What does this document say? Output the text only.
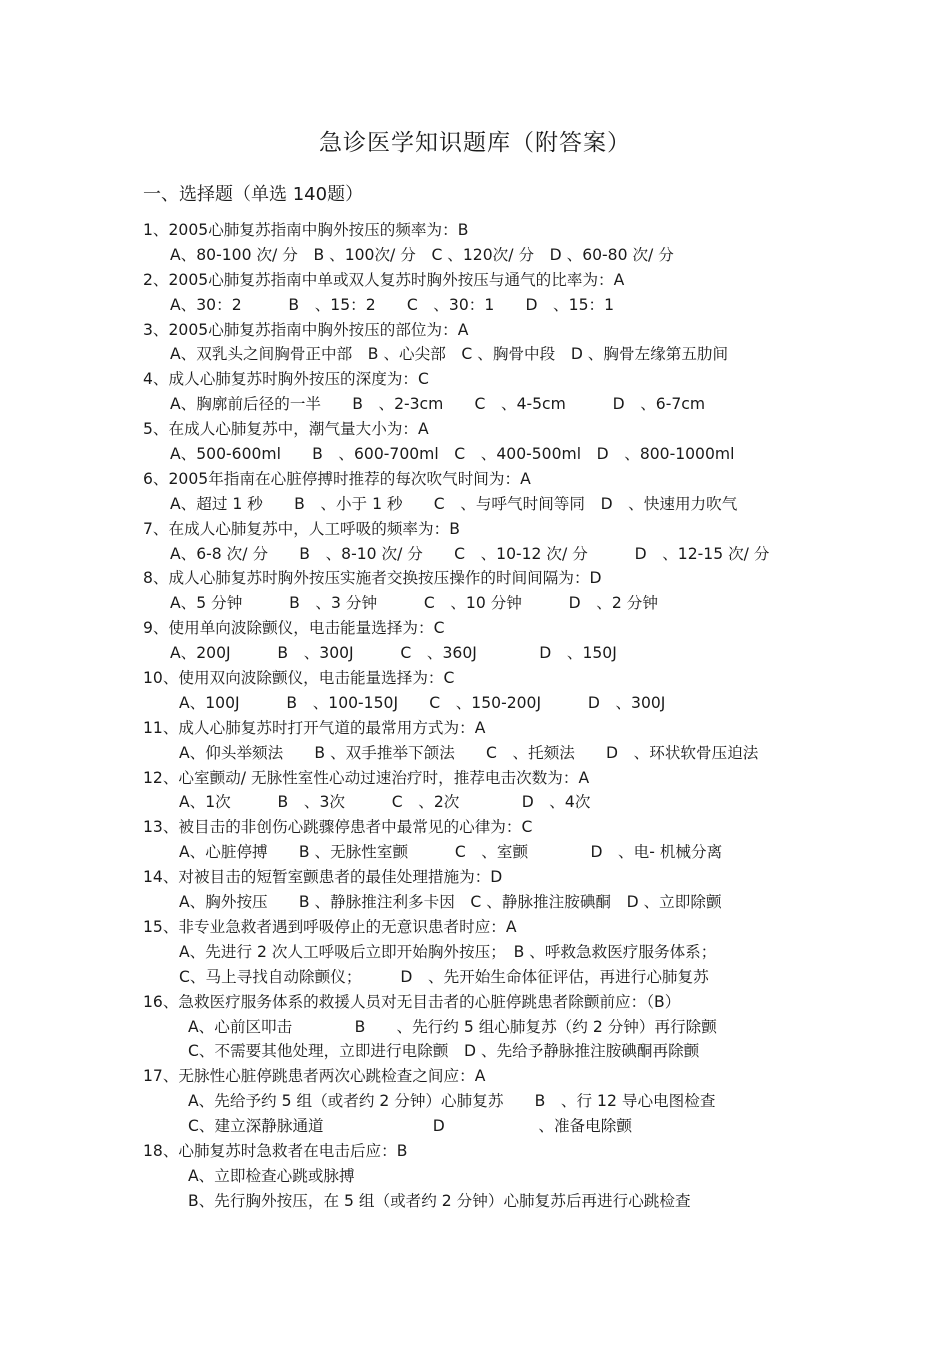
急诊医学知识题库（附答案）
一、选择题（单选 140题）
1、2005心肺复苏指南中胸外按压的频率为：B
A、80-100 次/ 分　B 、100次/ 分　C 、120次/ 分　D 、60-80 次/ 分
2、2005心肺复苏指南中单或双人复苏时胸外按压与通气的比率为：A
A、30：2　　　B　、15：2　　C　、30：1　　D　、15：1
3、2005心肺复苏指南中胸外按压的部位为：A
A、双乳头之间胸骨正中部　B 、心尖部　C 、胸骨中段　D 、胸骨左缘第五肋间
4、成人心肺复苏时胸外按压的深度为：C
A、胸廓前后径的一半　　B　、2-3cm　　C　、4-5cm　　　D　、6-7cm
5、在成人心肺复苏中，潮气量大小为：A
A、500-600ml　　B　、600-700ml　C　、400-500ml　D　、800-1000ml
6、2005年指南在心脏停搏时推荐的每次吹气时间为：A
A、超过 1 秒　　B　、小于 1 秒　　C　、与呼气时间等同　D　、快速用力吹气
7、在成人心肺复苏中，人工呼吸的频率为：B
A、6-8 次/ 分　　B　、8-10 次/ 分　　C　、10-12 次/ 分　　　D　、12-15 次/ 分
8、成人心肺复苏时胸外按压实施者交换按压操作的时间间隔为：D
A、5 分钟　　　B　、3 分钟　　　C　、10 分钟　　　D　、2 分钟
9、使用单向波除颤仪，电击能量选择为：C
A、200J　　　B　、300J　　　C　、360J　　　　D　、150J
10、使用双向波除颤仪，电击能量选择为：C
A、100J　　　B　、100-150J　　C　、150-200J　　　D　、300J
11、成人心肺复苏时打开气道的最常用方式为：A
A、仰头举颏法　　B 、双手推举下颌法　　C　、托颏法　　D　、环状软骨压迫法
12、心室颤动/ 无脉性室性心动过速治疗时，推荐电击次数为：A
A、1次　　　B　、3次　　　C　、2次　　　　D　、4次
13、被目击的非创伤心跳骤停患者中最常见的心律为：C
A、心脏停搏　　B 、无脉性室颤　　　C　、室颤　　　　D　、电- 机械分离
14、对被目击的短暂室颤患者的最佳处理措施为：D
A、胸外按压　　B 、静脉推注利多卡因　C 、静脉推注胺碘酮　D 、立即除颤
15、非专业急救者遇到呼吸停止的无意识患者时应：A
A、先进行 2 次人工呼吸后立即开始胸外按压；　B 、呼救急救医疗服务体系；
C、马上寻找自动除颤仪；　　　D　、先开始生命体征评估，再进行心肺复苏
16、急救医疗服务体系的救援人员对无目击者的心脏停跳患者除颤前应：（B）
A、心前区叩击　　　　B　　、先行约 5 组心肺复苏（约 2 分钟）再行除颤
C、不需要其他处理，立即进行电除颤　D 、先给予静脉推注胺碘酮再除颤
17、无脉性心脏停跳患者两次心跳检查之间应：A
A、先给予约 5 组（或者约 2 分钟）心肺复苏　　B　、行 12 导心电图检查
C、建立深静脉通道　　　　　　　D　　　　　　、准备电除颤
18、心肺复苏时急救者在电击后应：B
A、立即检查心跳或脉搏
B、先行胸外按压，在 5 组（或者约 2 分钟）心肺复苏后再进行心跳检查
